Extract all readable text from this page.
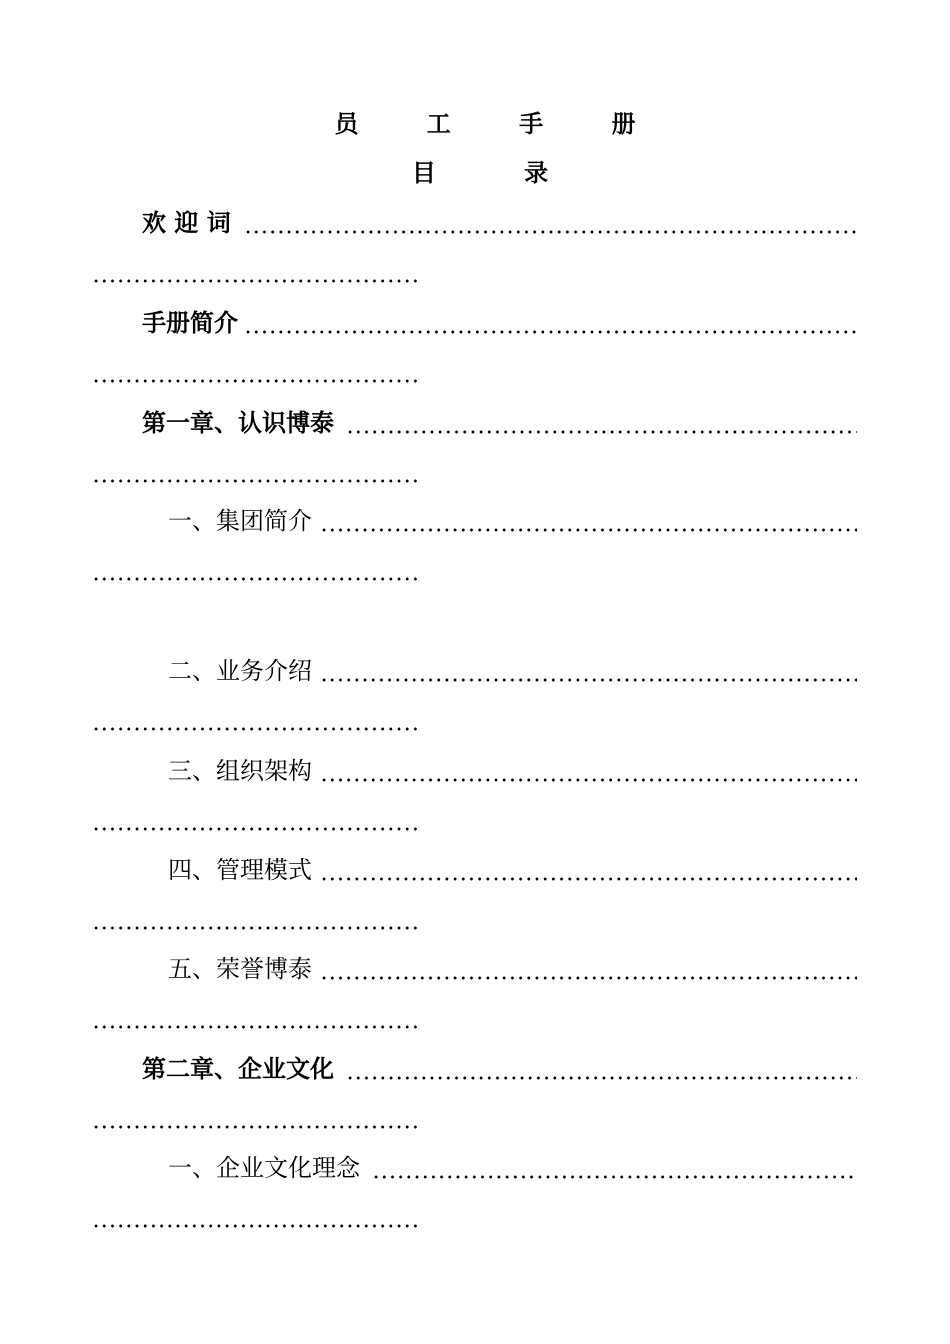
员 工 手 册
目 录
欢 迎 词
手册简介
第一章、认识博泰
一、集团简介
二、业务介绍
三、组织架构
四、管理模式
五、荣誉博泰
第二章、企业文化
一、企业文化理念
